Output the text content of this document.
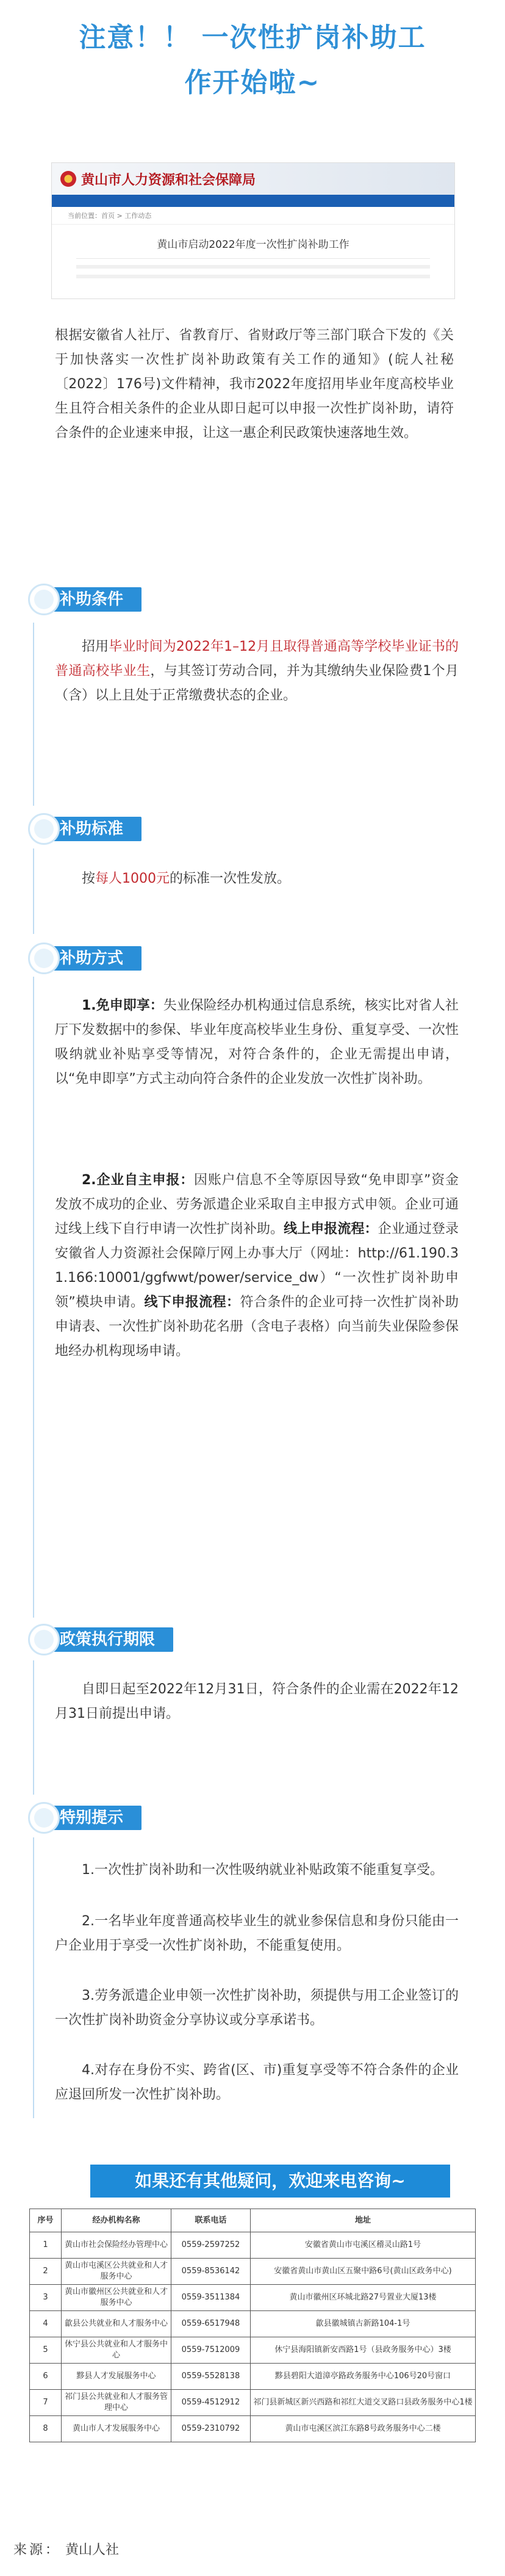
注意！！ 一次性扩岗补助工
作开始啦~
黄山市人力资源和社会保障局
当前位置：首页 > 工作动态
黄山市启动2022年度一次性扩岗补助工作

根据安徽省人社厅、省教育厅、省财政厅等三部门联合下发的《关于加快落实一次性扩岗补助政策有关工作的通知》(皖人社秘〔2022〕176号)文件精神，我市2022年度招用毕业年度高校毕业生且符合相关条件的企业从即日起可以申报一次性扩岗补助，请符合条件的企业速来申报，让这一惠企利民政策快速落地生效。

补助条件

招用毕业时间为2022年1–12月且取得普通高等学校毕业证书的普通高校毕业生，与其签订劳动合同，并为其缴纳失业保险费1个月（含）以上且处于正常缴费状态的企业。

补助标准

按每人1000元的标准一次性发放。

补助方式

1.免申即享：失业保险经办机构通过信息系统，核实比对省人社厅下发数据中的参保、毕业年度高校毕业生身份、重复享受、一次性吸纳就业补贴享受等情况，对符合条件的，企业无需提出申请，以“免申即享”方式主动向符合条件的企业发放一次性扩岗补助。

2.企业自主申报：因账户信息不全等原因导致“免申即享”资金发放不成功的企业、劳务派遣企业采取自主申报方式申领。企业可通过线上线下自行申请一次性扩岗补助。线上申报流程：企业通过登录安徽省人力资源社会保障厅网上办事大厅（网址：http://61.190.31.166:10001/ggfwwt/power/service_dw）“一次性扩岗补助申领”模块申请。线下申报流程：符合条件的企业可持一次性扩岗补助申请表、一次性扩岗补助花名册（含电子表格）向当前失业保险参保地经办机构现场申请。

政策执行期限

自即日起至2022年12月31日，符合条件的企业需在2022年12月31日前提出申请。

特别提示

1.一次性扩岗补助和一次性吸纳就业补贴政策不能重复享受。

2.一名毕业年度普通高校毕业生的就业参保信息和身份只能由一户企业用于享受一次性扩岗补助，不能重复使用。

3.劳务派遣企业申领一次性扩岗补助，须提供与用工企业签订的一次性扩岗补助资金分享协议或分享承诺书。

4.对存在身份不实、跨省(区、市)重复享受等不符合条件的企业应退回所发一次性扩岗补助。

如果还有其他疑问，欢迎来电咨询~
序号	经办机构名称	联系电话	地址
1	黄山市社会保险经办管理中心	0559-2597252	安徽省黄山市屯溪区稽灵山路1号
2	黄山市屯溪区公共就业和人才服务中心	0559-8536142	安徽省黄山市黄山区五聚中路6号(黄山区政务中心)
3	黄山市徽州区公共就业和人才服务中心	0559-3511384	黄山市徽州区环城北路27号置业大厦13楼
4	歙县公共就业和人才服务中心	0559-6517948	歙县徽城镇古新路104-1号
5	休宁县公共就业和人才服务中心	0559-7512009	休宁县海阳镇新安西路1号（县政务服务中心）3楼
6	黟县人才发展服务中心	0559-5528138	黟县碧阳大道漳亭路政务服务中心106号20号窗口
7	祁门县公共就业和人才服务管理中心	0559-4512912	祁门县新城区新兴西路和祁红大道交叉路口县政务服务中心1楼
8	黄山市人才发展服务中心	0559-2310792	黄山市屯溪区滨江东路8号政务服务中心二楼
来源： 黄山人社
